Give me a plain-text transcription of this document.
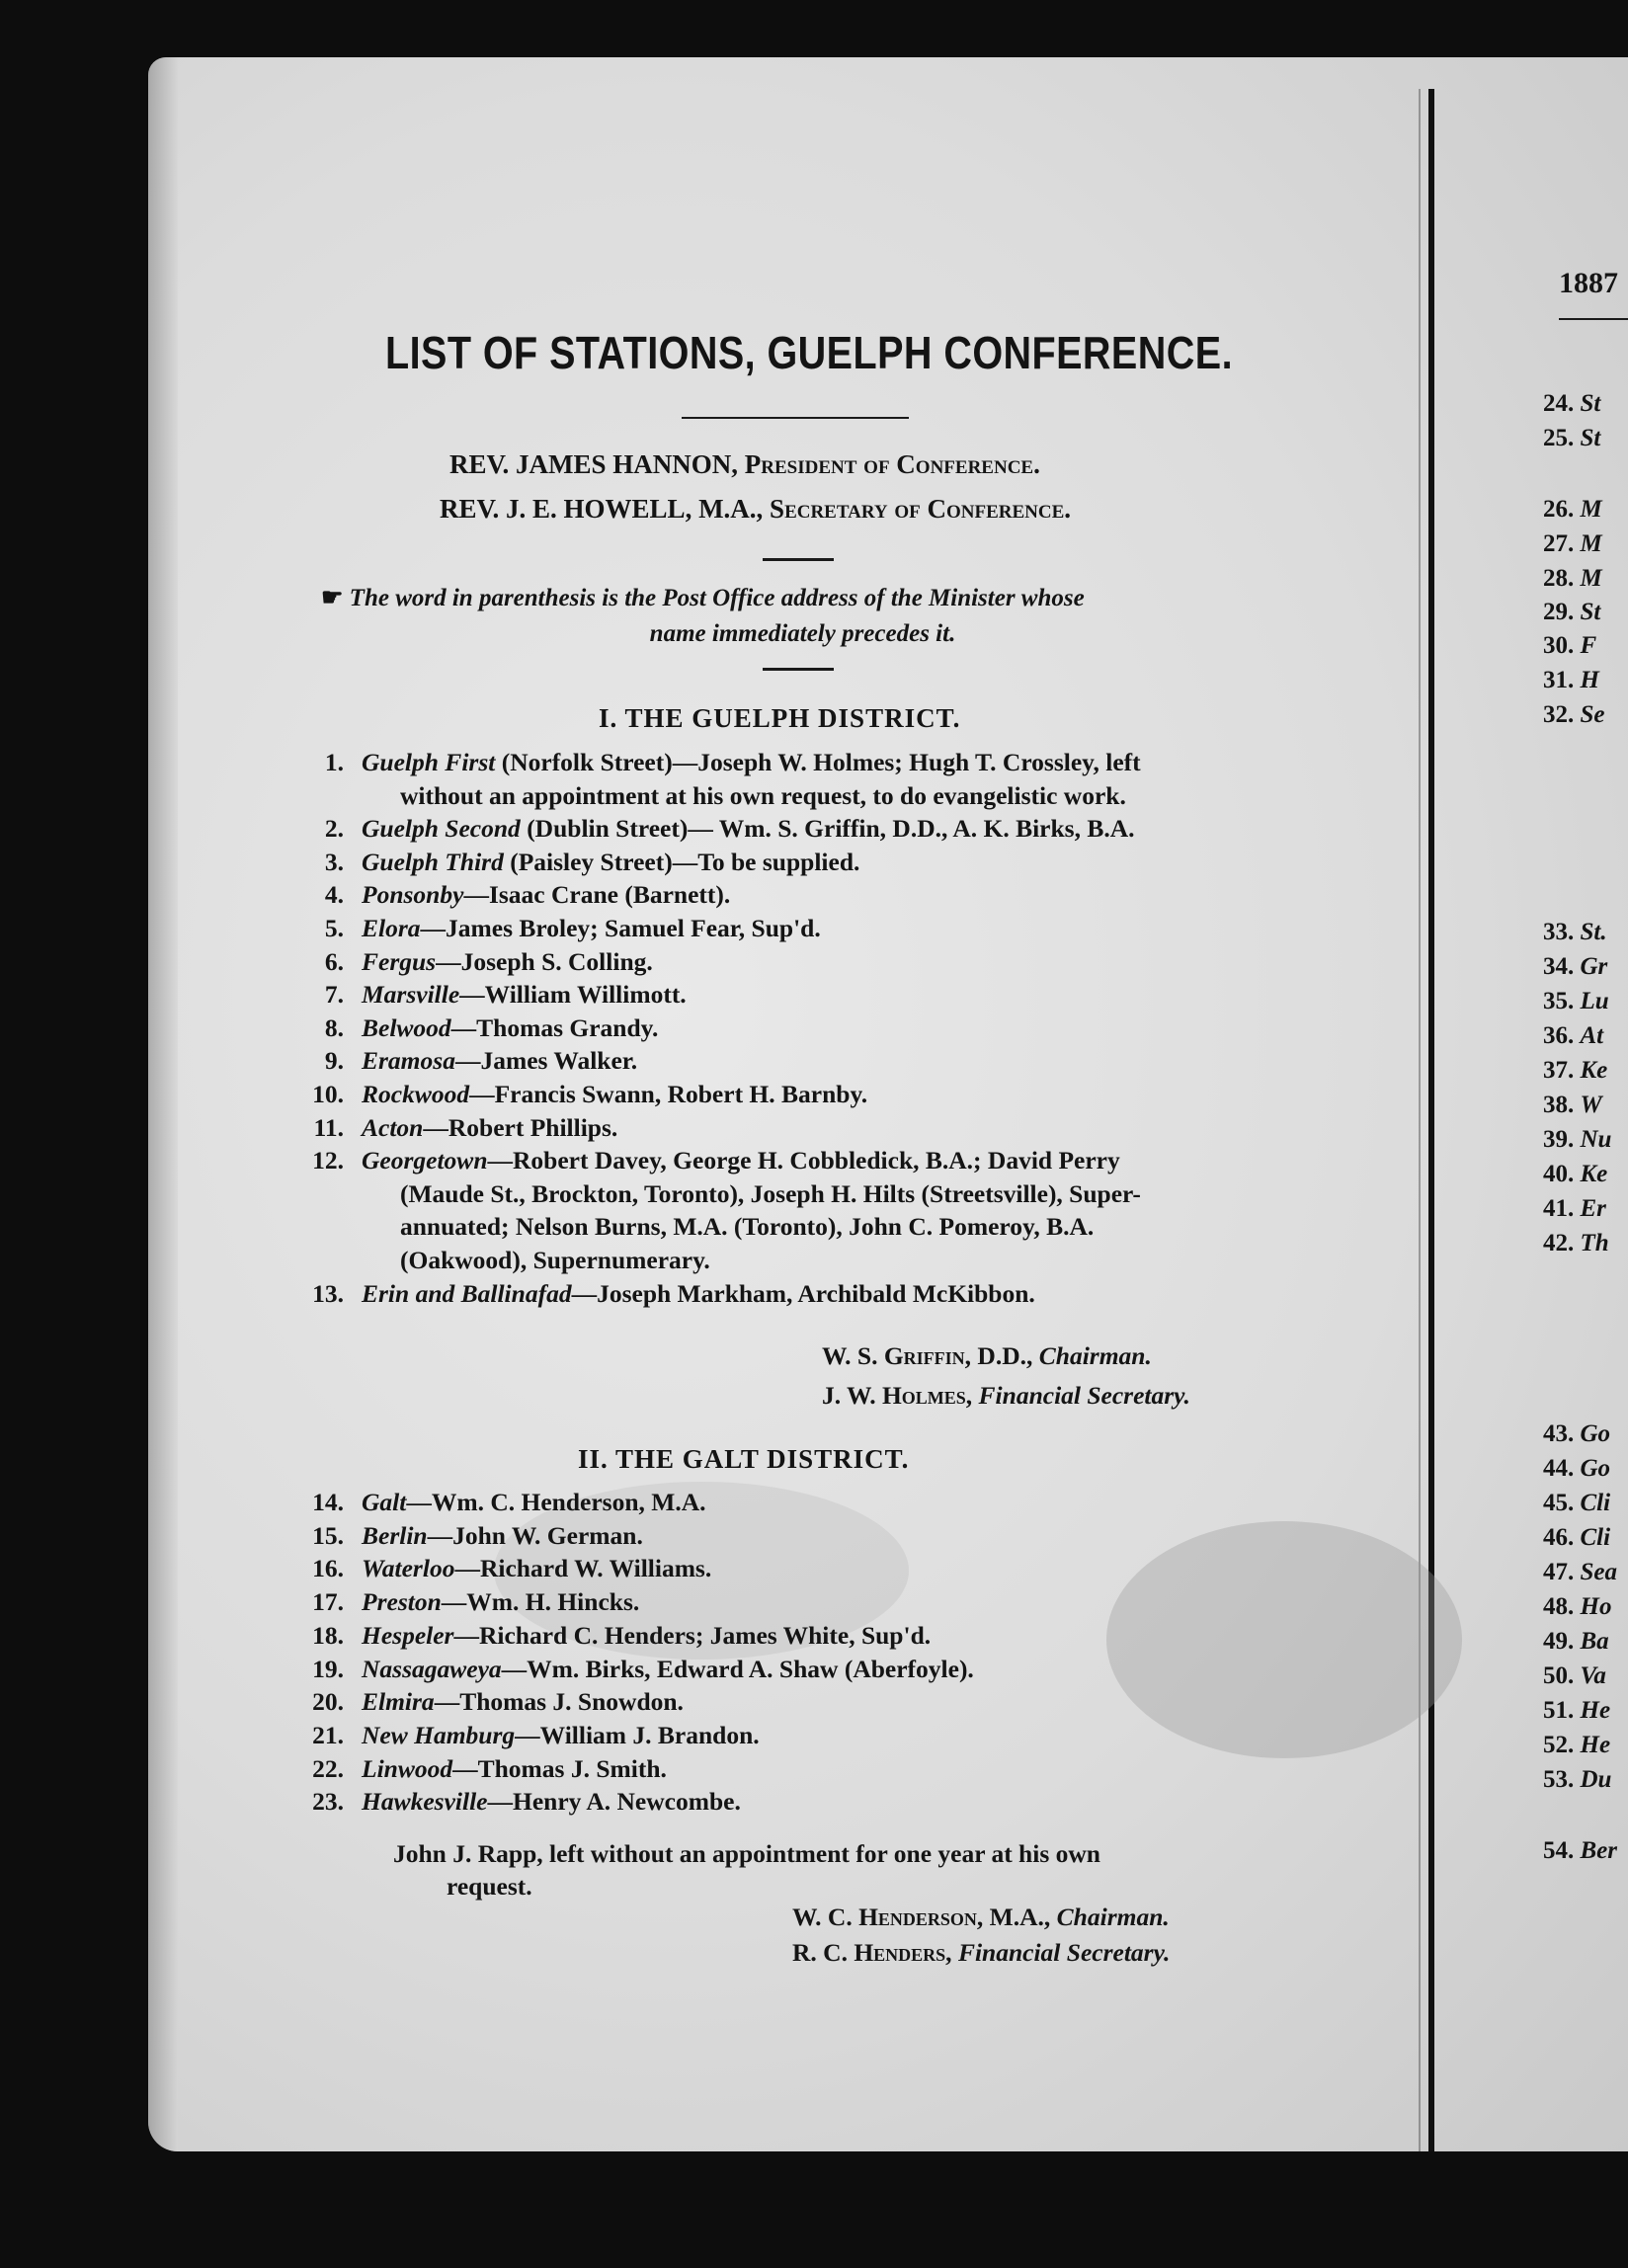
LIST OF STATIONS, GUELPH CONFERENCE.
REV. JAMES HANNON, President of Conference.
REV. J. E. HOWELL, M.A., Secretary of Conference.
☛ The word in parenthesis is the Post Office address of the Minister whose
name immediately precedes it.
I. THE GUELPH DISTRICT.
1. Guelph First (Norfolk Street)—Joseph W. Holmes; Hugh T. Crossley, left
without an appointment at his own request, to do evangelistic work.
2. Guelph Second (Dublin Street)— Wm. S. Griffin, D.D., A. K. Birks, B.A.
3. Guelph Third (Paisley Street)—To be supplied.
4. Ponsonby—Isaac Crane (Barnett).
5. Elora—James Broley; Samuel Fear, Sup'd.
6. Fergus—Joseph S. Colling.
7. Marsville—William Willimott.
8. Belwood—Thomas Grandy.
9. Eramosa—James Walker.
10. Rockwood—Francis Swann, Robert H. Barnby.
11. Acton—Robert Phillips.
12. Georgetown—Robert Davey, George H. Cobbledick, B.A.; David Perry
(Maude St., Brockton, Toronto), Joseph H. Hilts (Streetsville), Super-
annuated; Nelson Burns, M.A. (Toronto), John C. Pomeroy, B.A.
(Oakwood), Supernumerary.
13. Erin and Ballinafad—Joseph Markham, Archibald McKibbon.
W. S. Griffin, D.D., Chairman.
J. W. Holmes, Financial Secretary.
II. THE GALT DISTRICT.
14. Galt—Wm. C. Henderson, M.A.
15. Berlin—John W. German.
16. Waterloo—Richard W. Williams.
17. Preston—Wm. H. Hincks.
18. Hespeler—Richard C. Henders; James White, Sup'd.
19. Nassagaweya—Wm. Birks, Edward A. Shaw (Aberfoyle).
20. Elmira—Thomas J. Snowdon.
21. New Hamburg—William J. Brandon.
22. Linwood—Thomas J. Smith.
23. Hawkesville—Henry A. Newcombe.
John J. Rapp, left without an appointment for one year at his own
request.
W. C. Henderson, M.A., Chairman.
R. C. Henders, Financial Secretary.
1887
24. St
25. St
26. M
27. M
28. M
29. St
30. F
31. H
32. Se
33. St.
34. Gr
35. Lu
36. At
37. Ke
38. W
39. Nu
40. Ke
41. Er
42. Th
43. Go
44. Go
45. Cli
46. Cli
47. Sea
48. Ho
49. Ba
50. Va
51. He
52. He
53. Du
54. Ber
